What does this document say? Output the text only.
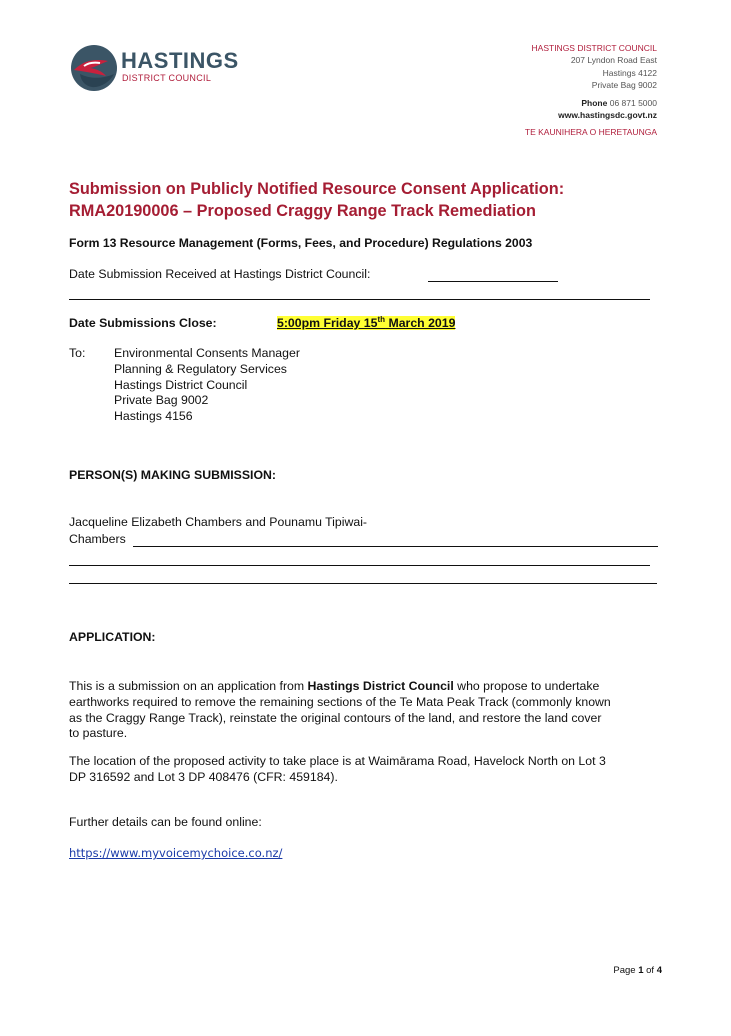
HASTINGS
DISTRICT COUNCIL
HASTINGS DISTRICT COUNCIL
207 Lyndon Road East
Hastings 4122
Private Bag 9002
Phone 06 871 5000
www.hastingsdc.govt.nz
TE KAUNIHERA O HERETAUNGA
Submission on Publicly Notified Resource Consent Application:
RMA20190006 – Proposed Craggy Range Track Remediation
Form 13 Resource Management (Forms, Fees, and Procedure) Regulations 2003
Date Submission Received at Hastings District Council:
Date Submissions Close:	5:00pm Friday 15th March 2019
To: Environmental Consents Manager
Planning & Regulatory Services
Hastings District Council
Private Bag 9002
Hastings 4156
PERSON(S) MAKING SUBMISSION:
Jacqueline Elizabeth Chambers and Pounamu Tipiwai-
Chambers
APPLICATION:
This is a submission on an application from Hastings District Council who propose to undertake
earthworks required to remove the remaining sections of the Te Mata Peak Track (commonly known
as the Craggy Range Track), reinstate the original contours of the land, and restore the land cover
to pasture.
The location of the proposed activity to take place is at Waimārama Road, Havelock North on Lot 3
DP 316592 and Lot 3 DP 408476 (CFR: 459184).
Further details can be found online:
https://www.myvoicemychoice.co.nz/
Page 1 of 4
